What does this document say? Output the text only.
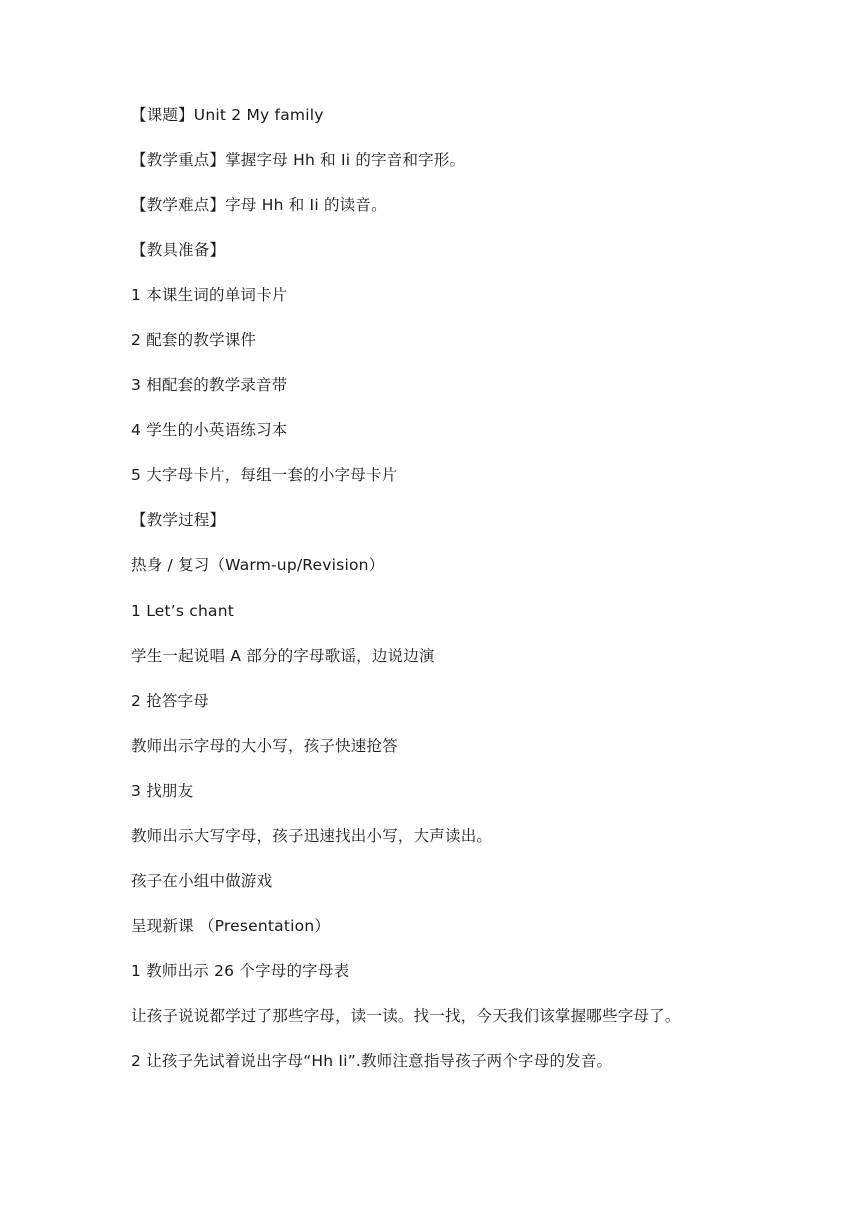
【课题】Unit 2 My family
【教学重点】掌握字母 Hh 和 Ii 的字音和字形。
【教学难点】字母 Hh 和 Ii 的读音。
【教具准备】
1 本课生词的单词卡片
2 配套的教学课件
3 相配套的教学录音带
4 学生的小英语练习本
5 大字母卡片，每组一套的小字母卡片
【教学过程】
热身 / 复习（Warm-up/Revision）
1 Let’s chant
学生一起说唱 A 部分的字母歌谣，边说边演
2 抢答字母
教师出示字母的大小写，孩子快速抢答
3 找朋友
教师出示大写字母，孩子迅速找出小写，大声读出。
孩子在小组中做游戏
呈现新课 （Presentation）
1 教师出示 26 个字母的字母表
让孩子说说都学过了那些字母，读一读。找一找，今天我们该掌握哪些字母了。
2 让孩子先试着说出字母“Hh Ii”.教师注意指导孩子两个字母的发音。
